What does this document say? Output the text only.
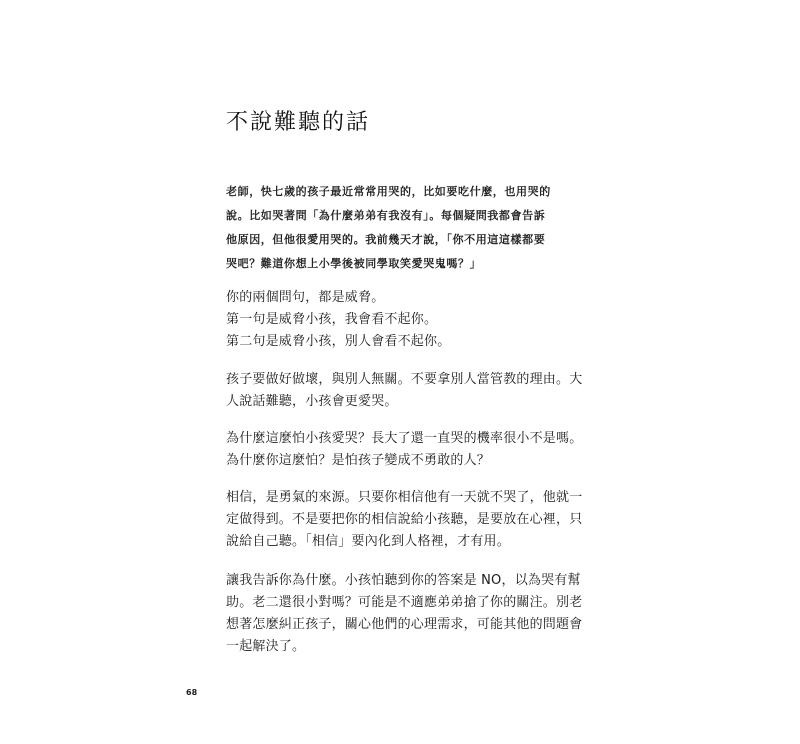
不說難聽的話

老師，快七歲的孩子最近常常用哭的，比如要吃什麼，也用哭的
說。比如哭著問「為什麼弟弟有我沒有」。每個疑問我都會告訴
他原因，但他很愛用哭的。我前幾天才說，「你不用這這樣都要
哭吧？難道你想上小學後被同學取笑愛哭鬼嗎？」

你的兩個問句，都是威脅。
第一句是威脅小孩，我會看不起你。
第二句是威脅小孩，別人會看不起你。

孩子要做好做壞，與別人無關。不要拿別人當管教的理由。大
人說話難聽，小孩會更愛哭。

為什麼這麼怕小孩愛哭？長大了還一直哭的機率很小不是嗎。
為什麼你這麼怕？是怕孩子變成不勇敢的人？

相信，是勇氣的來源。只要你相信他有一天就不哭了，他就一
定做得到。不是要把你的相信說給小孩聽，是要放在心裡，只
說給自己聽。「相信」要內化到人格裡，才有用。

讓我告訴你為什麼。小孩怕聽到你的答案是 NO，以為哭有幫
助。老二還很小對嗎？可能是不適應弟弟搶了你的關注。別老
想著怎麼糾正孩子，關心他們的心理需求，可能其他的問題會
一起解決了。

68
